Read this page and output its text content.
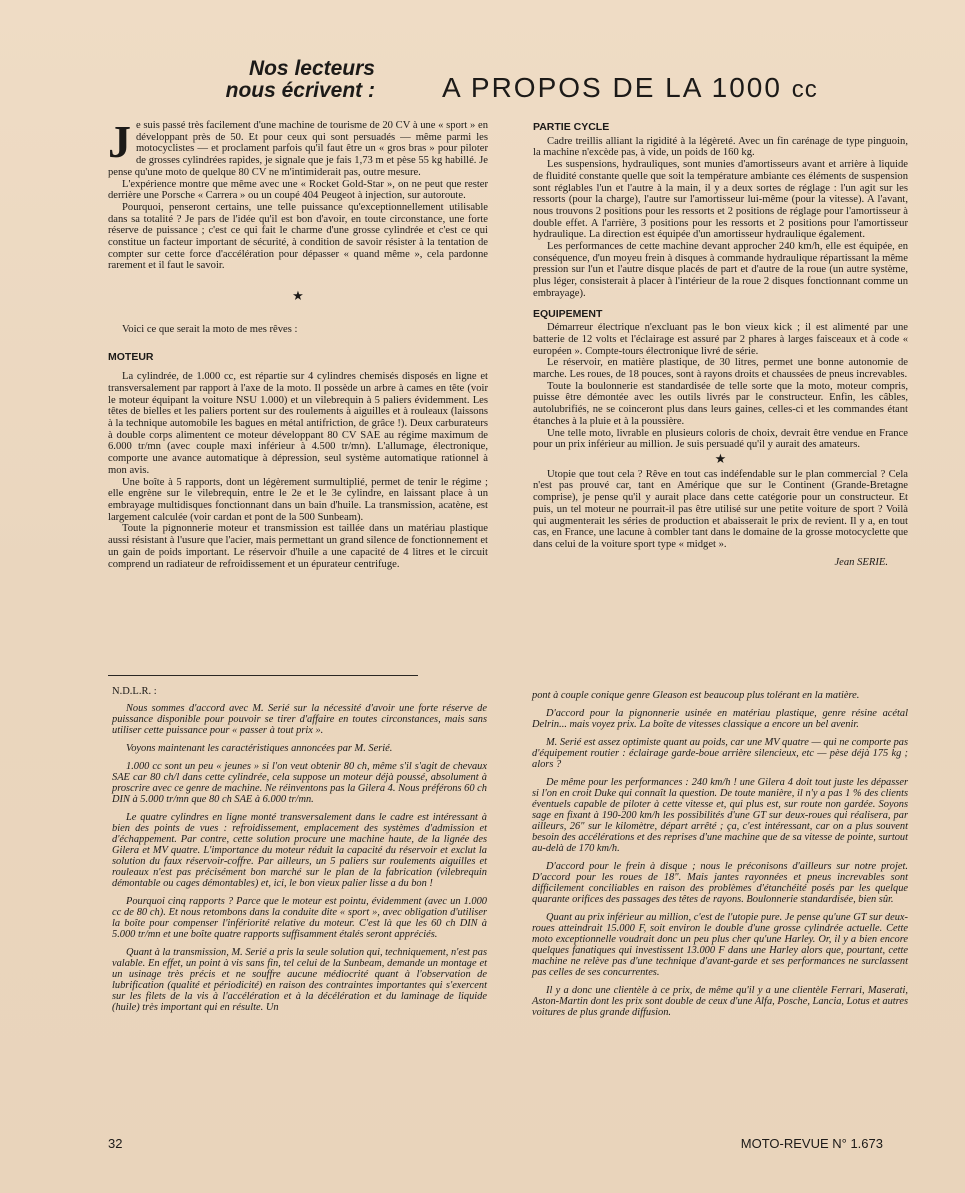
Nos lecteurs
nous écrivent : A PROPOS DE LA 1000 cc

Je suis passé très facilement d'une machine de tourisme de 20 CV à une « sport » en développant près de 50. Et pour ceux qui sont persuadés — même parmi les motocyclistes — et proclament parfois qu'il faut être un « gros bras » pour piloter de grosses cylindrées rapides, je signale que je fais 1,73 m et pèse 55 kg habillé. Je pense qu'une moto de quelque 80 CV ne m'intimiderait pas, outre mesure.

L'expérience montre que même avec une « Rocket Gold-Star », on ne peut que rester derrière une Porsche « Carrera » ou un coupé 404 Peugeot à injection, sur autoroute.

Pourquoi, penseront certains, une telle puissance qu'exceptionnellement utilisable dans sa totalité ? Je pars de l'idée qu'il est bon d'avoir, en toute circonstance, une forte réserve de puissance ; c'est ce qui fait le charme d'une grosse cylindrée et c'est ce qui constitue un facteur important de sécurité, à condition de savoir résister à la tentation de compter sur cette force d'accélération pour dépasser « quand même », cela pardonne rarement et il faut le savoir.

★

Voici ce que serait la moto de mes rêves :

MOTEUR

La cylindrée, de 1.000 cc, est répartie sur 4 cylindres chemisés disposés en ligne et transversalement par rapport à l'axe de la moto. Il possède un arbre à cames en tête (voir le moteur équipant la voiture NSU 1.000) et un vilebrequin à 5 paliers évidemment. Les têtes de bielles et les paliers portent sur des roulements à aiguilles et à rouleaux (laissons à la technique automobile les bagues en métal antifriction, de grâce !). Deux carburateurs à double corps alimentent ce moteur développant 80 CV SAE au régime maximum de 6.000 tr/mn (avec couple maxi inférieur à 4.500 tr/mn). L'allumage, électronique, comporte une avance automatique à dépression, seul système automatique rationnel à mon avis.

Une boîte à 5 rapports, dont un légèrement surmultiplié, permet de tenir le régime ; elle engrène sur le vilebrequin, entre le 2e et le 3e cylindre, en laissant place à un embrayage multidisques fonctionnant dans un bain d'huile. La transmission, acatène, est largement calculée (voir cardan et pont de la 500 Sunbeam).

Toute la pignonnerie moteur et transmission est taillée dans un matériau plastique aussi résistant à l'usure que l'acier, mais permettant un grand silence de fonctionnement et un gain de poids important. Le réservoir d'huile a une capacité de 4 litres et le circuit comprend un radiateur de refroidissement et un épurateur centrifuge.

PARTIE CYCLE

Cadre treillis alliant la rigidité à la légèreté. Avec un fin carénage de type pinguoin, la machine n'excède pas, à vide, un poids de 160 kg.

Les suspensions, hydrauliques, sont munies d'amortisseurs avant et arrière à liquide de fluidité constante quelle que soit la température ambiante ces éléments de suspension sont réglables l'un et l'autre à la main, il y a deux sortes de réglage : l'un agit sur les ressorts (pour la charge), l'autre sur l'amortisseur lui-même (pour la vitesse). A l'avant, nous trouvons 2 positions pour les ressorts et 2 positions de réglage pour l'amortisseur à double effet. A l'arrière, 3 positions pour les ressorts et 2 positions pour l'amortisseur hydraulique. La direction est équipée d'un amortisseur hydraulique également.

Les performances de cette machine devant approcher 240 km/h, elle est équipée, en conséquence, d'un moyeu frein à disques à commande hydraulique répartissant la même pression sur l'un et l'autre disque placés de part et d'autre de la roue (un autre système, plus léger, consisterait à placer à l'intérieur de la roue 2 disques fonctionnant comme un embrayage).

EQUIPEMENT

Démarreur électrique n'excluant pas le bon vieux kick ; il est alimenté par une batterie de 12 volts et l'éclairage est assuré par 2 phares à larges faisceaux et à code « européen ». Compte-tours électronique livré de série.

Le réservoir, en matière plastique, de 30 litres, permet une bonne autonomie de marche. Les roues, de 18 pouces, sont à rayons droits et chaussées de pneus increvables.

Toute la boulonnerie est standardisée de telle sorte que la moto, moteur compris, puisse être démontée avec les outils livrés par le constructeur. Enfin, les câbles, autolubrifiés, ne se coinceront plus dans leurs gaines, celles-ci et les commandes étant étanches à la pluie et à la poussière.

Une telle moto, livrable en plusieurs coloris de choix, devrait être vendue en France pour un prix inférieur au million. Je suis persuadé qu'il y aurait des amateurs.

★

Utopie que tout cela ? Rêve en tout cas indéfendable sur le plan commercial ? Cela n'est pas prouvé car, tant en Amérique que sur le Continent (Grande-Bretagne comprise), je pense qu'il y aurait place dans cette catégorie pour un constructeur. Et puis, un tel moteur ne pourrait-il pas être utilisé sur une petite voiture de sport ? Voilà qui augmenterait les séries de production et abaisserait le prix de revient. Il y a, en tout cas, en France, une lacune à combler tant dans le domaine de la grosse motocyclette que dans celui de la voiture sport type « midget ».

Jean SERIE.
N.D.L.R. :

Nous sommes d'accord avec M. Serié sur la nécessité d'avoir une forte réserve de puissance disponible pour pouvoir se tirer d'affaire en toutes circonstances, mais sans utiliser cette puissance pour « passer à tout prix ».

Voyons maintenant les caractéristiques annoncées par M. Serié.

1.000 cc sont un peu « jeunes » si l'on veut obtenir 80 ch, même s'il s'agit de chevaux SAE car 80 ch/l dans cette cylindrée, cela suppose un moteur déjà poussé, absolument à proscrire avec ce genre de machine. Ne réinventons pas la Gilera 4. Nous préférons 60 ch DIN à 5.000 tr/mn que 80 ch SAE à 6.000 tr/mn.

Le quatre cylindres en ligne monté transversalement dans le cadre est intéressant à bien des points de vues : refroidissement, emplacement des systèmes d'admission et d'échappement. Par contre, cette solution procure une machine haute, de la lignée des Gilera et MV quatre. L'importance du moteur réduit la capacité du réservoir et exclut la solution du faux réservoir-coffre. Par ailleurs, un 5 paliers sur roulements aiguilles et rouleaux n'est pas précisément bon marché sur le plan de la fabrication (vilebrequin démontable ou cages démontables) et, ici, le bon vieux palier lisse a du bon !

Pourquoi cinq rapports ? Parce que le moteur est pointu, évidemment (avec un 1.000 cc de 80 ch). Et nous retombons dans la conduite dite « sport », avec obligation d'utiliser la boîte pour compenser l'infériorité relative du moteur. C'est là que les 60 ch DIN à 5.000 tr/mn et une boîte quatre rapports suffisamment étalés seront appréciés.

Quant à la transmission, M. Serié a pris la seule solution qui, techniquement, n'est pas valable. En effet, un point à vis sans fin, tel celui de la Sunbeam, demande un montage et un usinage très précis et ne souffre aucune médiocrité quant à l'observation de lubrification (qualité et périodicité) en raison des contraintes importantes qui s'exercent sur les filets de la vis à l'accélération et à la décélération et du laminage de liquide (huile) très important qui en résulte. Un

pont à couple conique genre Gleason est beaucoup plus tolérant en la matière.

D'accord pour la pignonnerie usinée en matériau plastique, genre résine acétal Delrin... mais voyez prix. La boîte de vitesses classique a encore un bel avenir.

M. Serié est assez optimiste quant au poids, car une MV quatre — qui ne comporte pas d'équipement routier : éclairage garde-boue arrière silencieux, etc — pèse déjà 175 kg ; alors ?

De même pour les performances : 240 km/h ! une Gilera 4 doit tout juste les dépasser si l'on en croit Duke qui connaît la question. De toute manière, il n'y a pas 1 % des clients éventuels capable de piloter à cette vitesse et, qui plus est, sur route non gardée. Soyons sage en fixant à 190-200 km/h les possibilités d'une GT sur deux-roues qui réalisera, par ailleurs, 26" sur le kilomètre, départ arrêté ; ça, c'est intéressant, car on a plus souvent besoin des accélérations et des reprises d'une machine que de sa vitesse de pointe, surtout au-delà de 170 km/h.

D'accord pour le frein à disque ; nous le préconisons d'ailleurs sur notre projet. D'accord pour les roues de 18". Mais jantes rayonnées et pneus increvables sont difficilement conciliables en raison des problèmes d'étanchéité posés par les quelque quarante orifices des passages des têtes de rayons. Boulonnerie standardisée, bien sûr.

Quant au prix inférieur au million, c'est de l'utopie pure. Je pense qu'une GT sur deux-roues atteindrait 15.000 F, soit environ le double d'une grosse cylindrée actuelle. Cette moto exceptionnelle voudrait donc un peu plus cher qu'une Harley. Or, il y a bien encore quelques fanatiques qui investissent 13.000 F dans une Harley alors que, pourtant, cette machine ne relève pas d'une technique d'avant-garde et ses performances ne surclassent pas celles de ses concurrentes.

Il y a donc une clientèle à ce prix, de même qu'il y a une clientèle Ferrari, Maserati, Aston-Martin dont les prix sont double de ceux d'une Alfa, Posche, Lancia, Lotus et autres voitures de plus grande diffusion.

32	MOTO-REVUE N° 1.673
